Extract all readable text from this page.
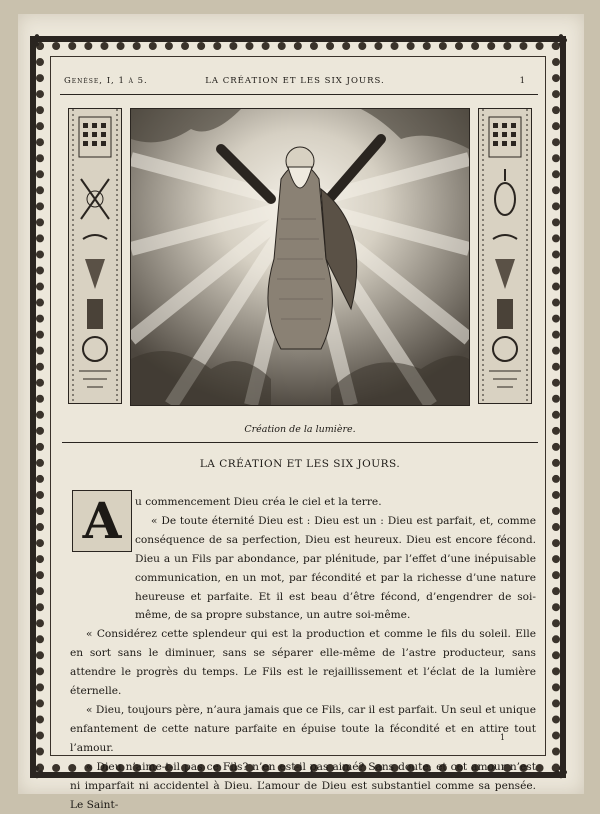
✤	✤
✤	✤
Genèse, I, 1 à 5.	LA CRÉATION ET LES SIX JOURS.	1
Création de la lumière.
LA CRÉATION ET LES SIX JOURS.
A	u commencement Dieu créa le ciel et la terre.

« De toute éternité Dieu est : Dieu est un : Dieu est parfait, et, comme conséquence de sa perfection, Dieu est heureux. Dieu est encore fécond. Dieu a un Fils par abondance, par plénitude, par l’effet d’une inépuisable communication, en un mot, par fécondité et par la richesse d’une nature heureuse et parfaite. Et il est beau d’être fécond, d’engendrer de soi-même, de sa propre substance, un autre soi-même.

« Considérez cette splendeur qui est la production et comme le fils du soleil. Elle en sort sans le diminuer, sans se séparer elle-même de l’astre producteur, sans attendre le progrès du temps. Le Fils est le rejaillissement et l’éclat de la lumière éternelle.

« Dieu, toujours père, n’aura jamais que ce Fils, car il est parfait. Un seul et unique enfantement de cette nature parfaite en épuise toute la fécondité et en attire tout l’amour.

« Dieu n’aime-t-il pas ce Fils? n’en est-il pas aimé? Sans doute, et cet amour n’est ni imparfait ni accidentel à Dieu. L’amour de Dieu est substantiel comme sa pensée. Le Saint-

1
